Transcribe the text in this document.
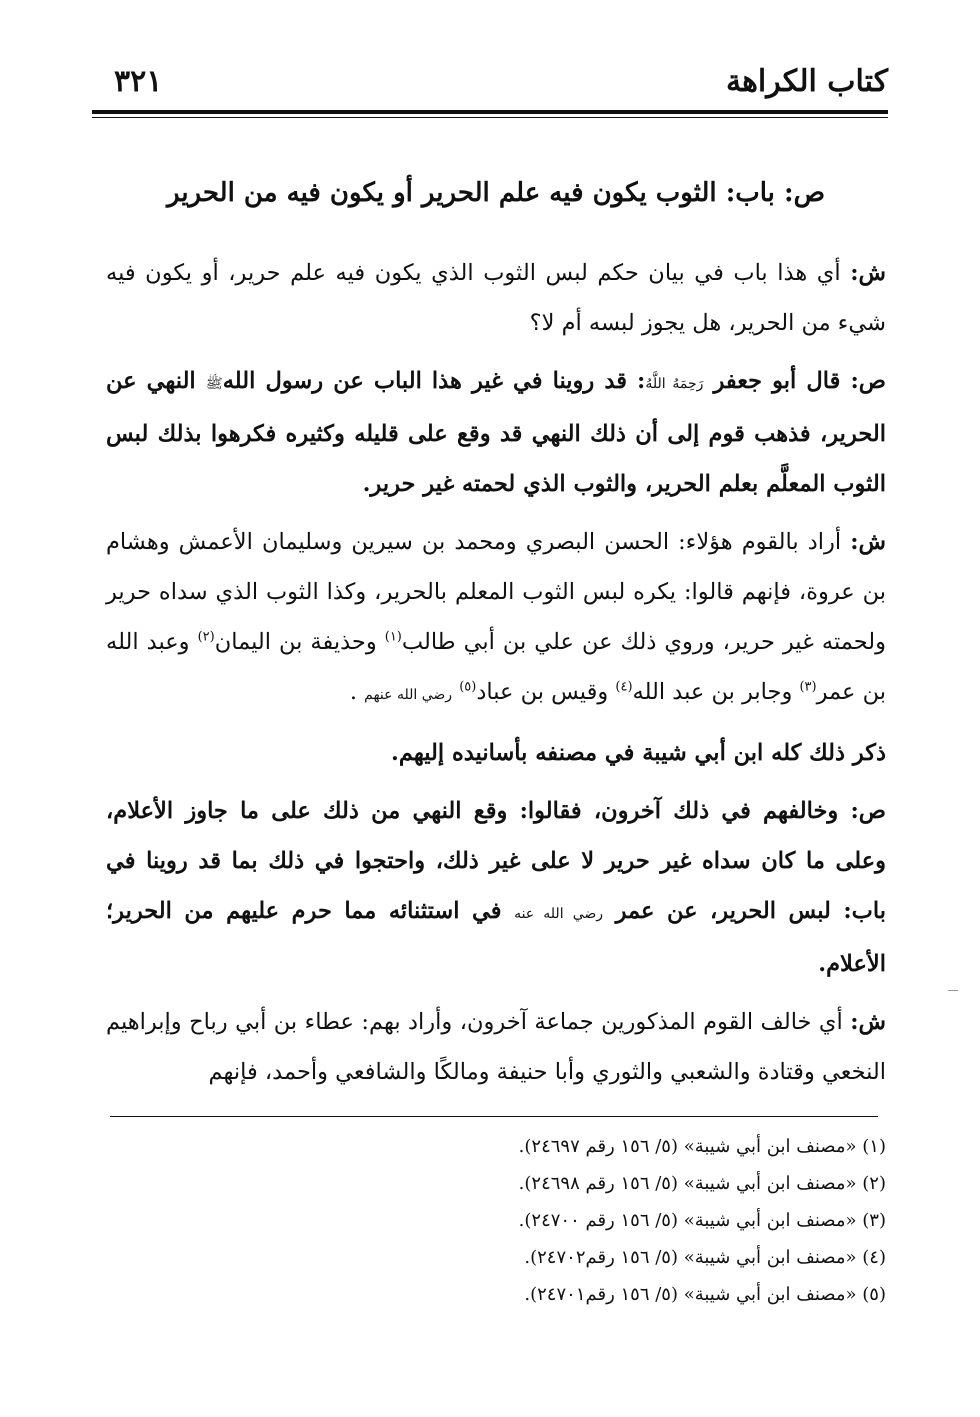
كتاب الكراهة
٣٢١
ص: باب: الثوب يكون فيه علم الحرير أو يكون فيه من الحرير

ش: أي هذا باب في بيان حكم لبس الثوب الذي يكون فيه علم حرير، أو يكون فيه شيء من الحرير، هل يجوز لبسه أم لا؟

ص: قال أبو جعفر رَحِمَهُ اللَّهُ: قد روينا في غير هذا الباب عن رسول اللهﷺ النهي عن الحرير، فذهب قوم إلى أن ذلك النهي قد وقع على قليله وكثيره فكرهوا بذلك لبس الثوب المعلَّم بعلم الحرير، والثوب الذي لحمته غير حرير.

ش: أراد بالقوم هؤلاء: الحسن البصري ومحمد بن سيرين وسليمان الأعمش وهشام بن عروة، فإنهم قالوا: يكره لبس الثوب المعلم بالحرير، وكذا الثوب الذي سداه حرير ولحمته غير حرير، وروي ذلك عن علي بن أبي طالب$^{(١)}$ وحذيفة بن اليمان$^{(٢)}$ وعبد الله بن عمر$^{(٣)}$ وجابر بن عبد الله$^{(٤)}$ وقيس بن عباد$^{(٥)}$ رضي الله عنهم .

ذكر ذلك كله ابن أبي شيبة في مصنفه بأسانيده إليهم.

ص: وخالفهم في ذلك آخرون، فقالوا: وقع النهي من ذلك على ما جاوز الأعلام، وعلى ما كان سداه غير حرير لا على غير ذلك، واحتجوا في ذلك بما قد روينا في باب: لبس الحرير، عن عمر رضي الله عنه في استثنائه مما حرم عليهم من الحرير؛ الأعلام.

ش: أي خالف القوم المذكورين جماعة آخرون، وأراد بهم: عطاء بن أبي رباح وإبراهيم النخعي وقتادة والشعبي والثوري وأبا حنيفة ومالكًا والشافعي وأحمد، فإنهم

(١) «مصنف ابن أبي شيبة» (٥/ ١٥٦ رقم ٢٤٦٩٧).

(٢) «مصنف ابن أبي شيبة» (٥/ ١٥٦ رقم ٢٤٦٩٨).

(٣) «مصنف ابن أبي شيبة» (٥/ ١٥٦ رقم ٢٤٧٠٠).

(٤) «مصنف ابن أبي شيبة» (٥/ ١٥٦ رقم٢٤٧٠٢).

(٥) «مصنف ابن أبي شيبة» (٥/ ١٥٦ رقم٢٤٧٠١).
